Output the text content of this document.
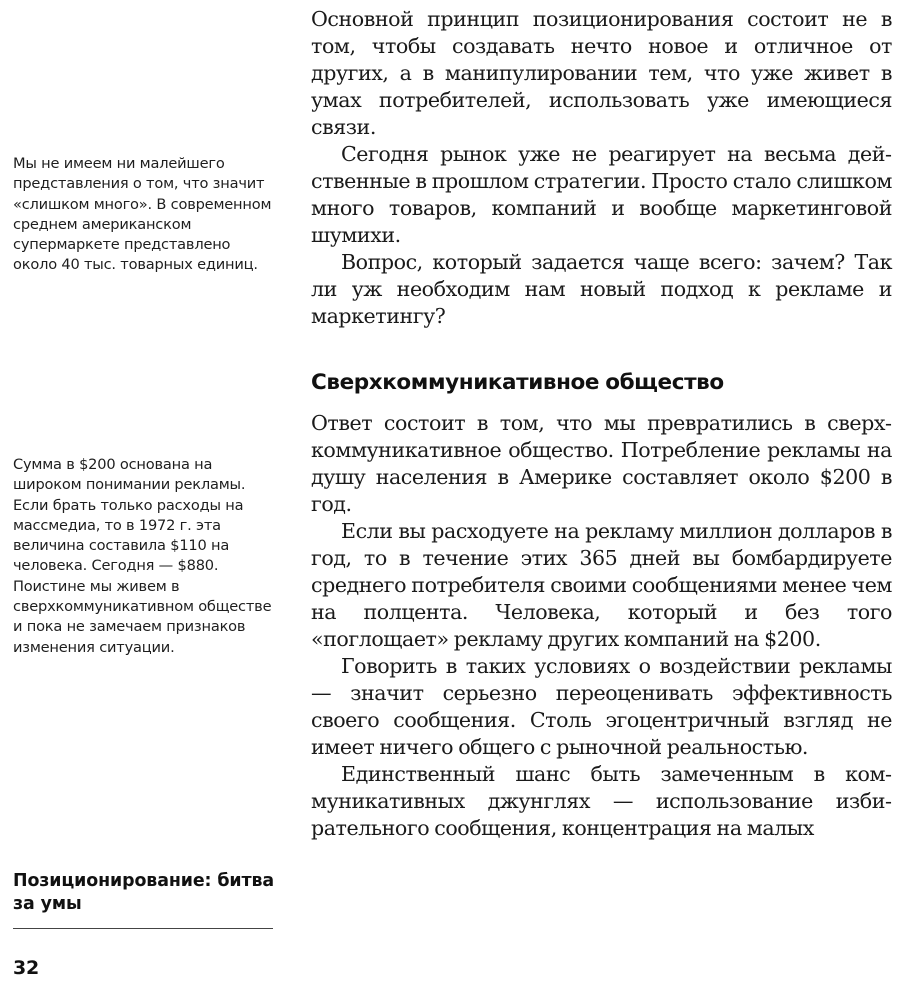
Мы не имеем ни малейшего представления о том, что значит «слишком много». В современном среднем американском супермаркете представлено около 40 тыс. товарных единиц.

Сумма в $200 основана на широком понимании рекламы. Если брать только расходы на массмедиа, то в 1972 г. эта величина составила $110 на человека. Сегодня — $880. Поистине мы живем в сверхкоммуникативном обществе и пока не замечаем признаков изменения ситуации.

Позиционирование: битва за умы

32

Основной принцип позиционирования состоит не в том, чтобы создавать нечто новое и отличное от других, а в манипулировании тем, что уже живет в умах потребителей, использовать уже имеющиеся связи.

Сегодня рынок уже не реагирует на весьма действенные в прошлом стратегии. Просто стало слишком много товаров, компаний и вообще маркетинговой шумихи.

Вопрос, который задается чаще всего: зачем? Так ли уж необходим нам новый подход к рекламе и маркетингу?

Сверхкоммуникативное общество

Ответ состоит в том, что мы превратились в сверхкоммуникативное общество. Потребление рекламы на душу населения в Америке составляет около $200 в год.

Если вы расходуете на рекламу миллион долларов в год, то в течение этих 365 дней вы бомбардируете среднего потребителя своими сообщениями менее чем на полцента. Человека, который и без того «поглощает» рекламу других компаний на $200.

Говорить в таких условиях о воздействии рекламы — значит серьезно переоценивать эффективность своего сообщения. Столь эгоцентричный взгляд не имеет ничего общего с рыночной реальностью.

Единственный шанс быть замеченным в коммуникативных джунглях — использование избирательного сообщения, концентрация на малых
